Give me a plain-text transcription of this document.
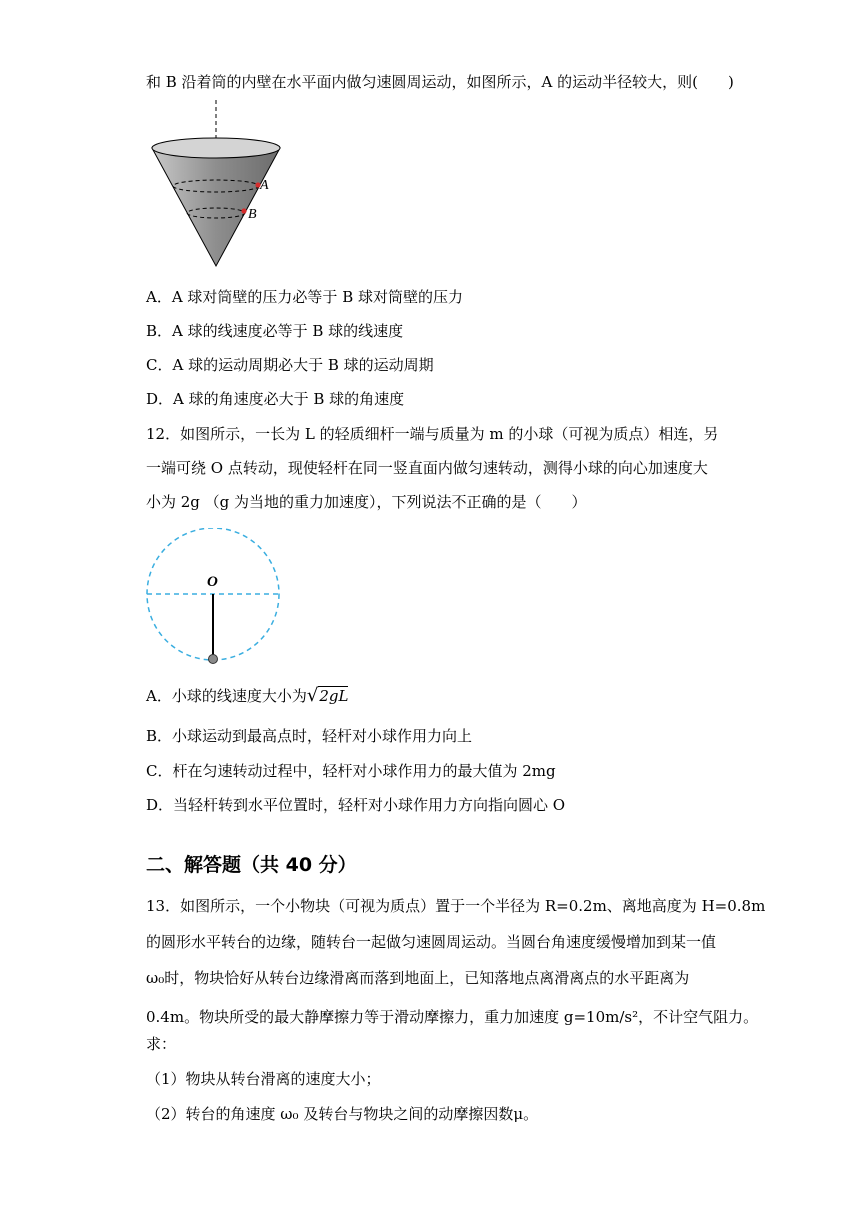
和 B 沿着筒的内壁在水平面内做匀速圆周运动，如图所示，A 的运动半径较大，则(　　)
A
B
A．A 球对筒壁的压力必等于 B 球对筒壁的压力
B．A 球的线速度必等于 B 球的线速度
C．A 球的运动周期必大于 B 球的运动周期
D．A 球的角速度必大于 B 球的角速度
12．如图所示，一长为 L 的轻质细杆一端与质量为 m 的小球（可视为质点）相连，另
一端可绕 O 点转动，现使轻杆在同一竖直面内做匀速转动，测得小球的向心加速度大
小为 2g （g 为当地的重力加速度），下列说法不正确的是（　　）
O
A．小球的线速度大小为√2gL
B．小球运动到最高点时，轻杆对小球作用力向上
C．杆在匀速转动过程中，轻杆对小球作用力的最大值为 2mg
D．当轻杆转到水平位置时，轻杆对小球作用力方向指向圆心 O
二、解答题（共 40 分）
13．如图所示，一个小物块（可视为质点）置于一个半径为 R=0.2m、离地高度为 H=0.8m
的圆形水平转台的边缘，随转台一起做匀速圆周运动。当圆台角速度缓慢增加到某一值
ω₀时，物块恰好从转台边缘滑离而落到地面上，已知落地点离滑离点的水平距离为
0.4m。物块所受的最大静摩擦力等于滑动摩擦力，重力加速度 g=10m/s²，不计空气阻力。
求：
（1）物块从转台滑离的速度大小；
（2）转台的角速度 ω₀ 及转台与物块之间的动摩擦因数μ。
